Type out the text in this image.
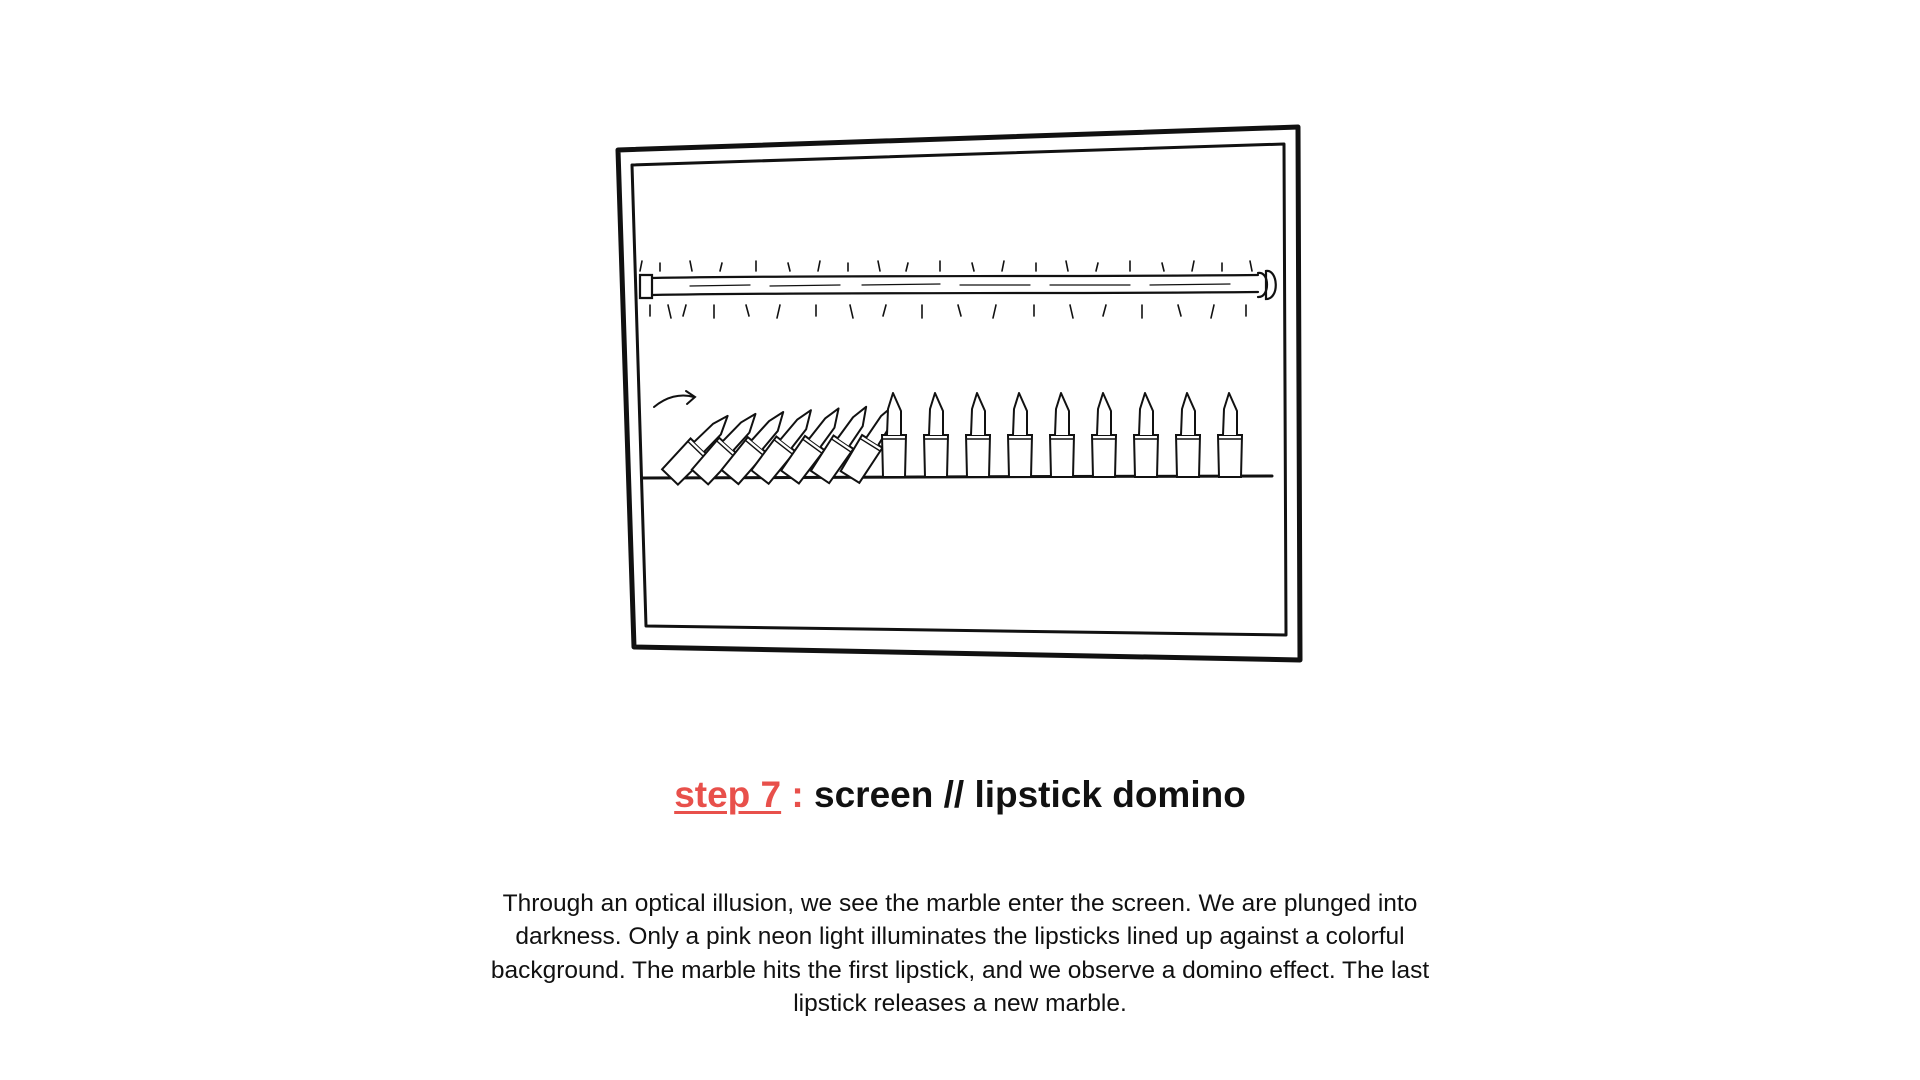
step 7 : screen // lipstick domino

Through an optical illusion, we see the marble enter the screen. We are plunged into darkness. Only a pink neon light illuminates the lipsticks lined up against a colorful background. The marble hits the first lipstick, and we observe a domino effect. The last lipstick releases a new marble.
